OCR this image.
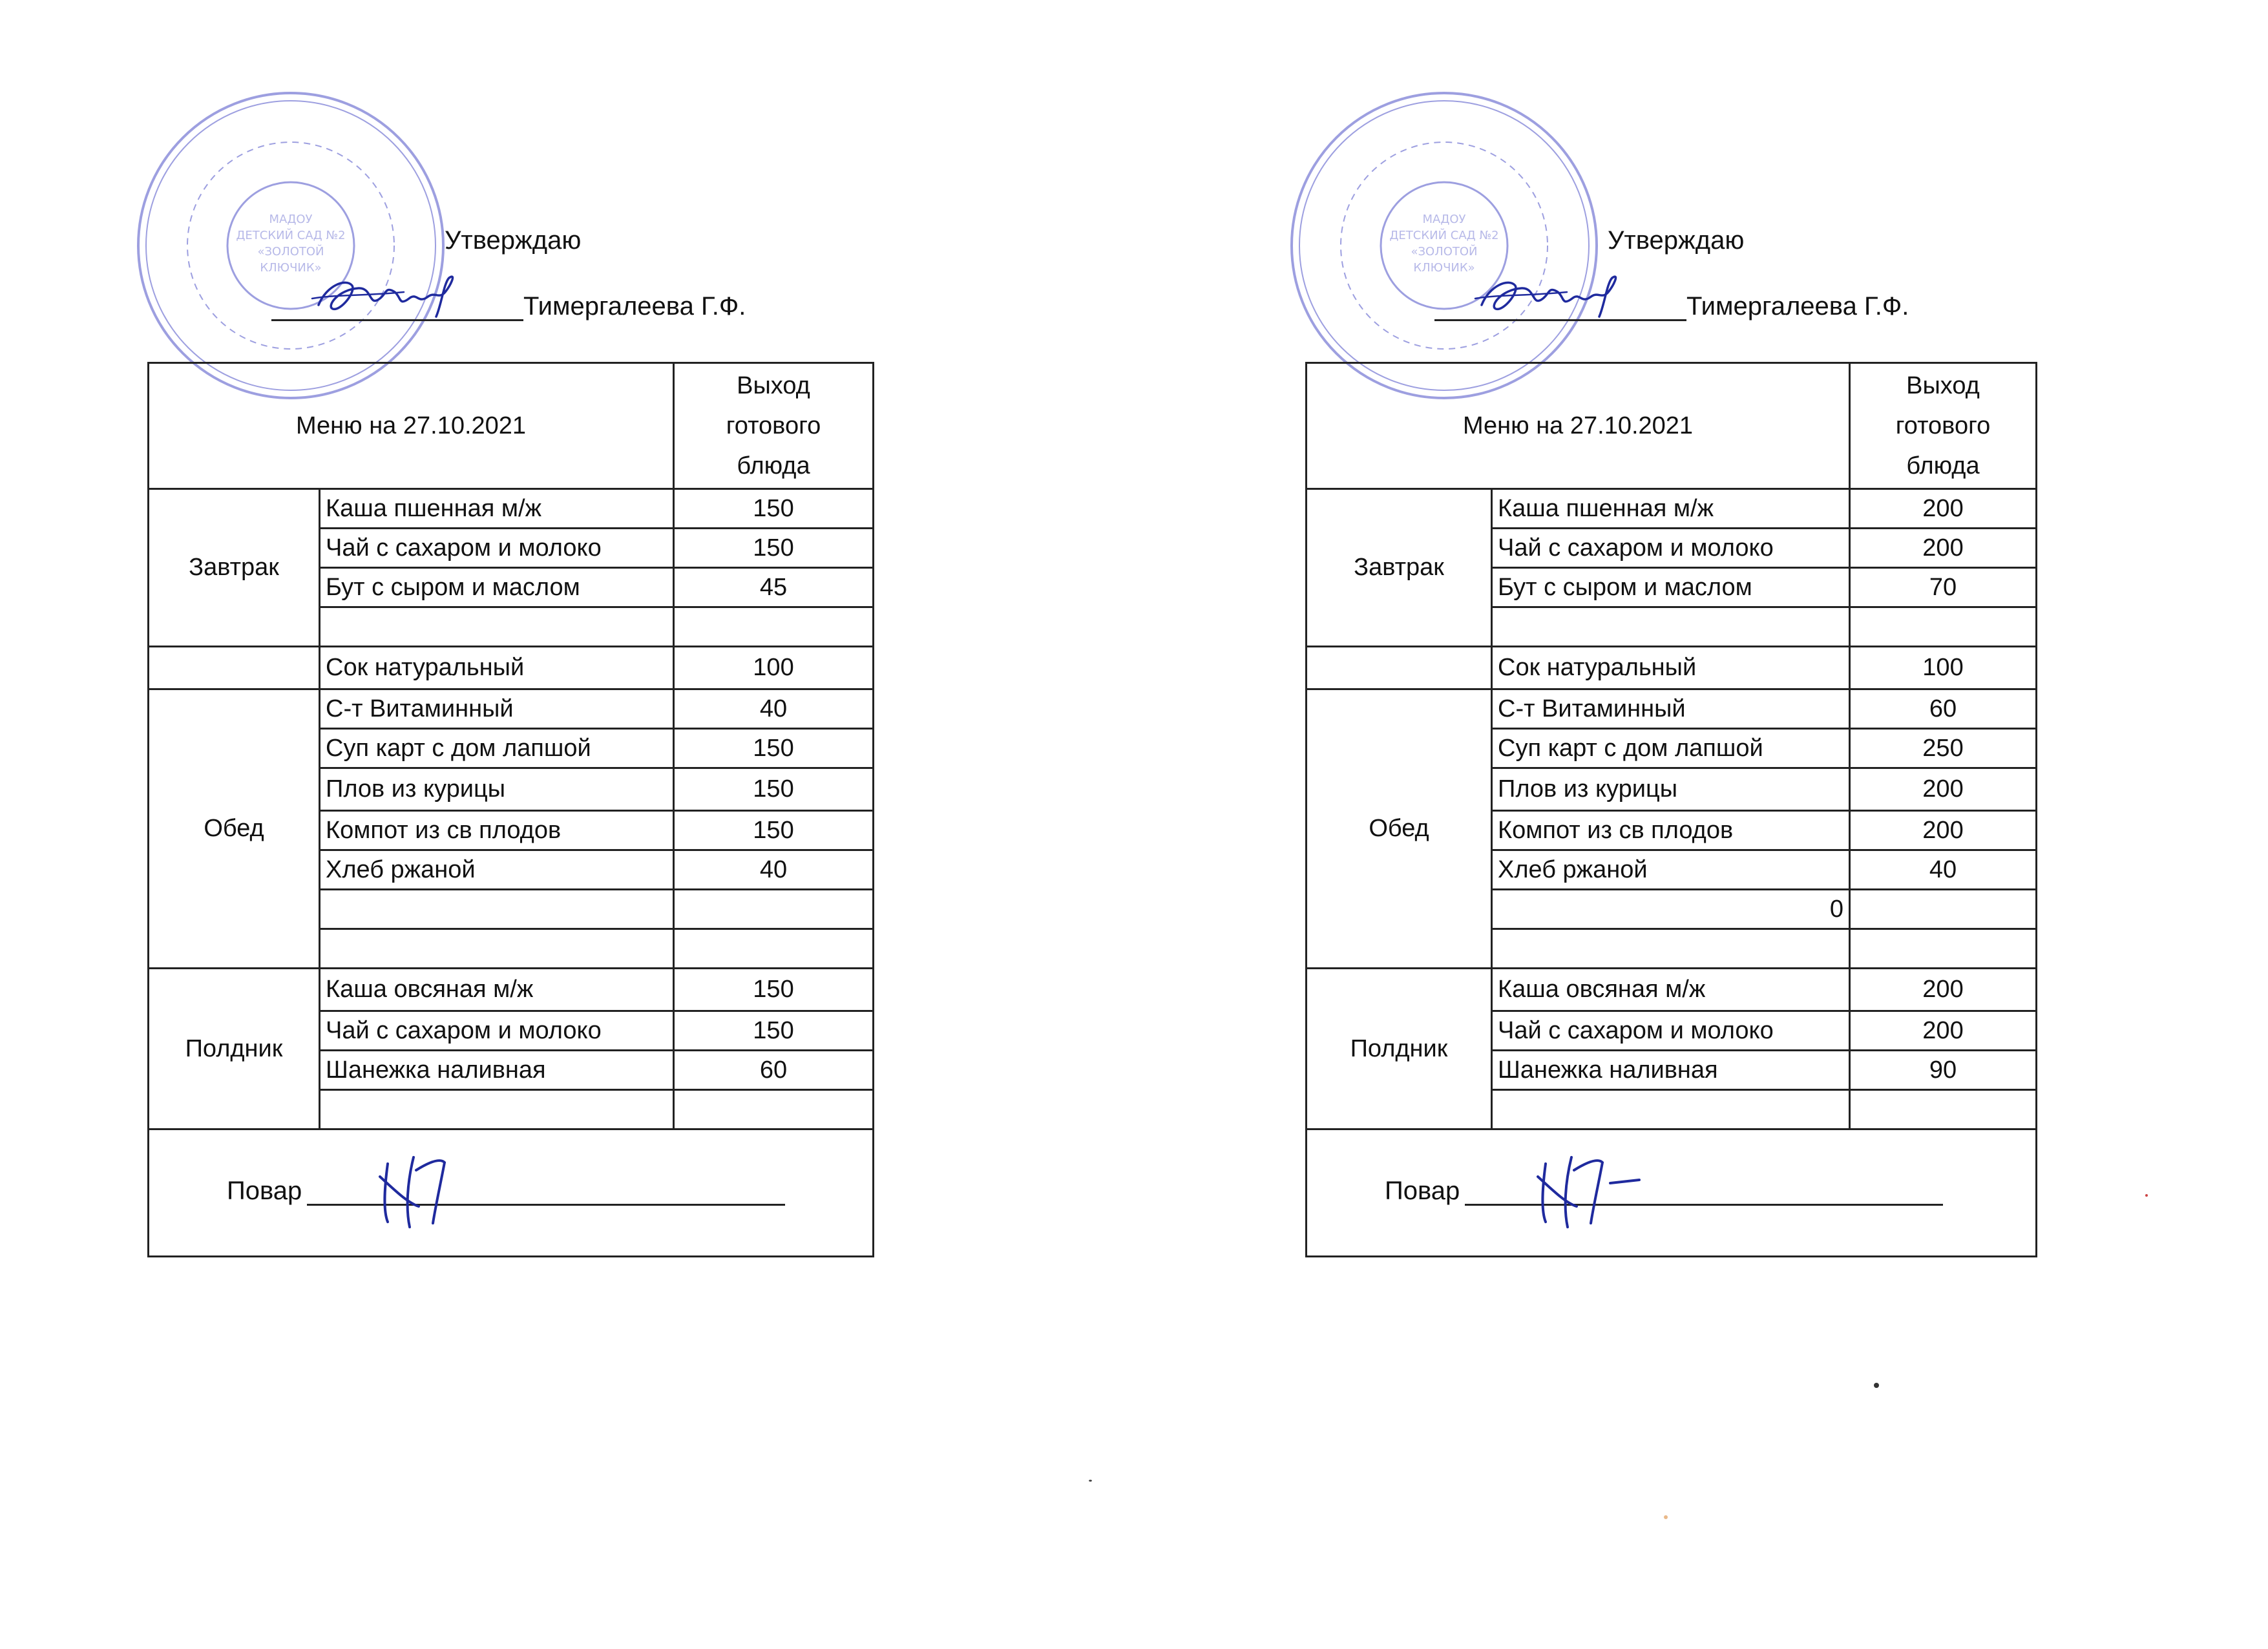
МАДОУ
ДЕТСКИЙ САД №2
«ЗОЛОТОЙ
КЛЮЧИК»
Утверждаю
Тимергалеева Г.Ф.
Меню на 27.10.2021		Выход
готового
блюда
Завтрак	Каша пшенная м/ж	150
	Чай с сахаром и молоко	150
	Бут с сыром и маслом	45

	Сок натуральный	100
Обед	С-т Витаминный	40
	Суп карт с дом лапшой	150
	Плов из курицы	150
	Компот из св плодов	150
	Хлеб ржаной	40

Полдник	Каша овсяная м/ж	150
	Чай с сахаром и молоко	150
	Шанежка наливная	60

Повар		
МАДОУ
ДЕТСКИЙ САД №2
«ЗОЛОТОЙ
КЛЮЧИК»
Утверждаю
Тимергалеева Г.Ф.
Меню на 27.10.2021		Выход
готового
блюда
Завтрак	Каша пшенная м/ж	200
	Чай с сахаром и молоко	200
	Бут с сыром и маслом	70

	Сок натуральный	100
Обед	С-т Витаминный	60
	Суп карт с дом лапшой	250
	Плов из курицы	200
	Компот из св плодов	200
	Хлеб ржаной	40
	0	

Полдник	Каша овсяная м/ж	200
	Чай с сахаром и молоко	200
	Шанежка наливная	90

Повар		
